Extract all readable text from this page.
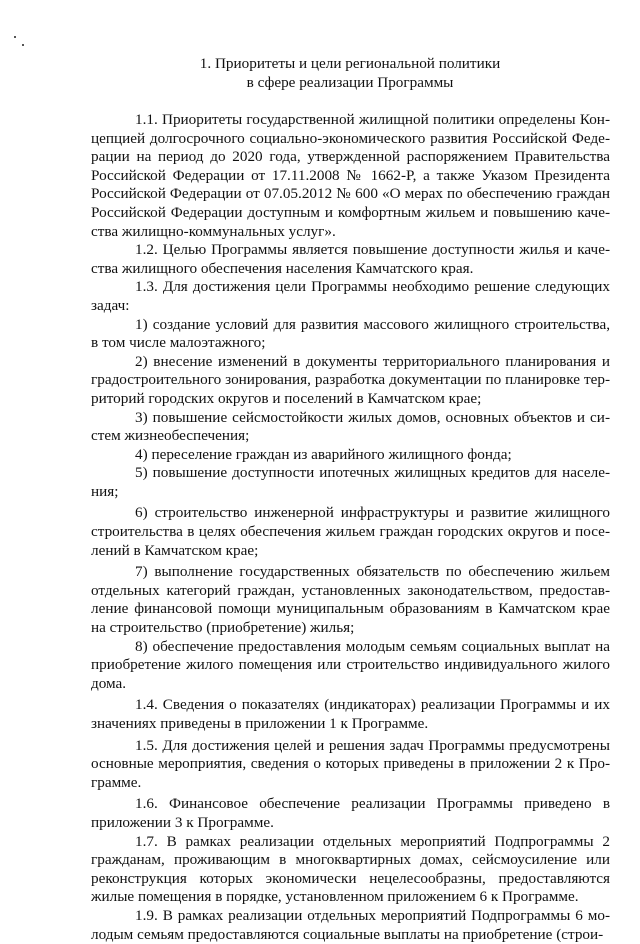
1. Приоритеты и цели региональной политики
в сфере реализации Программы

1.1. Приоритеты государственной жилищной политики определены Концепцией долгосрочного социально-экономического развития Российской Федерации на период до 2020 года, утвержденной распоряжением Правительства Российской Федерации от 17.11.2008 № 1662-Р, а также Указом Президента Российской Федерации от 07.05.2012 № 600 «О мерах по обеспечению граждан Российской Федерации доступным и комфортным жильем и повышению качества жилищно-коммунальных услуг».

1.2. Целью Программы является повышение доступности жилья и качества жилищного обеспечения населения Камчатского края.

1.3. Для достижения цели Программы необходимо решение следующих задач:

1) создание условий для развития массового жилищного строительства, в том числе малоэтажного;

2) внесение изменений в документы территориального планирования и градостроительного зонирования, разработка документации по планировке территорий городских округов и поселений в Камчатском крае;

3) повышение сейсмостойкости жилых домов, основных объектов и систем жизнеобеспечения;

4) переселение граждан из аварийного жилищного фонда;

5) повышение доступности ипотечных жилищных кредитов для населения;

6) строительство инженерной инфраструктуры и развитие жилищного строительства в целях обеспечения жильем граждан городских округов и поселений в Камчатском крае;

7) выполнение государственных обязательств по обеспечению жильем отдельных категорий граждан, установленных законодательством, предоставление финансовой помощи муниципальным образованиям в Камчатском крае на строительство (приобретение) жилья;

8) обеспечение предоставления молодым семьям социальных выплат на приобретение жилого помещения или строительство индивидуального жилого дома.

1.4. Сведения о показателях (индикаторах) реализации Программы и их значениях приведены в приложении 1 к Программе.

1.5. Для достижения целей и решения задач Программы предусмотрены основные мероприятия, сведения о которых приведены в приложении 2 к Программе.

1.6. Финансовое обеспечение реализации Программы приведено в приложении 3 к Программе.

1.7. В рамках реализации отдельных мероприятий Подпрограммы 2 гражданам, проживающим в многоквартирных домах, сейсмоусиление или реконструкция которых экономически нецелесообразны, предоставляются жилые помещения в порядке, установленном приложением 6 к Программе.

1.9. В рамках реализации отдельных мероприятий Подпрограммы 6 молодым семьям предоставляются социальные выплаты на приобретение (строи-
